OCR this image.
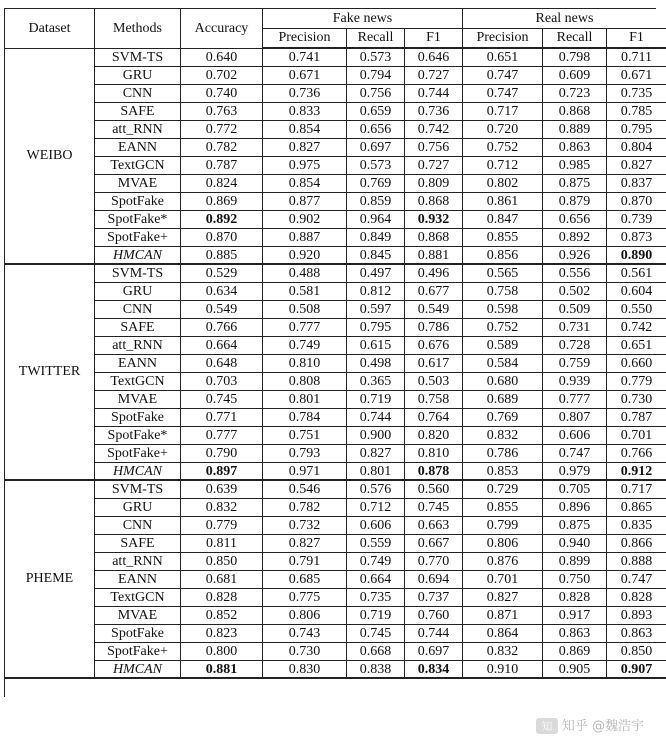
Dataset	Methods	Accuracy
Fake news	Real news
Precision	Recall	F1	Precision	Recall	F1
WEIBO
SVM-TS	0.640	0.741	0.573	0.646	0.651	0.798	0.711
GRU	0.702	0.671	0.794	0.727	0.747	0.609	0.671
CNN	0.740	0.736	0.756	0.744	0.747	0.723	0.735
SAFE	0.763	0.833	0.659	0.736	0.717	0.868	0.785
att_RNN	0.772	0.854	0.656	0.742	0.720	0.889	0.795
EANN	0.782	0.827	0.697	0.756	0.752	0.863	0.804
TextGCN	0.787	0.975	0.573	0.727	0.712	0.985	0.827
MVAE	0.824	0.854	0.769	0.809	0.802	0.875	0.837
SpotFake	0.869	0.877	0.859	0.868	0.861	0.879	0.870
SpotFake*	0.892	0.902	0.964	0.932	0.847	0.656	0.739
SpotFake+	0.870	0.887	0.849	0.868	0.855	0.892	0.873
HMCAN	0.885	0.920	0.845	0.881	0.856	0.926	0.890
TWITTER
SVM-TS	0.529	0.488	0.497	0.496	0.565	0.556	0.561
GRU	0.634	0.581	0.812	0.677	0.758	0.502	0.604
CNN	0.549	0.508	0.597	0.549	0.598	0.509	0.550
SAFE	0.766	0.777	0.795	0.786	0.752	0.731	0.742
att_RNN	0.664	0.749	0.615	0.676	0.589	0.728	0.651
EANN	0.648	0.810	0.498	0.617	0.584	0.759	0.660
TextGCN	0.703	0.808	0.365	0.503	0.680	0.939	0.779
MVAE	0.745	0.801	0.719	0.758	0.689	0.777	0.730
SpotFake	0.771	0.784	0.744	0.764	0.769	0.807	0.787
SpotFake*	0.777	0.751	0.900	0.820	0.832	0.606	0.701
SpotFake+	0.790	0.793	0.827	0.810	0.786	0.747	0.766
HMCAN	0.897	0.971	0.801	0.878	0.853	0.979	0.912
PHEME
SVM-TS	0.639	0.546	0.576	0.560	0.729	0.705	0.717
GRU	0.832	0.782	0.712	0.745	0.855	0.896	0.865
CNN	0.779	0.732	0.606	0.663	0.799	0.875	0.835
SAFE	0.811	0.827	0.559	0.667	0.806	0.940	0.866
att_RNN	0.850	0.791	0.749	0.770	0.876	0.899	0.888
EANN	0.681	0.685	0.664	0.694	0.701	0.750	0.747
TextGCN	0.828	0.775	0.735	0.737	0.827	0.828	0.828
MVAE	0.852	0.806	0.719	0.760	0.871	0.917	0.893
SpotFake	0.823	0.743	0.745	0.744	0.864	0.863	0.863
SpotFake+	0.800	0.730	0.668	0.697	0.832	0.869	0.850
HMCAN	0.881	0.830	0.838	0.834	0.910	0.905	0.907
知 知乎 @魏浩宇
